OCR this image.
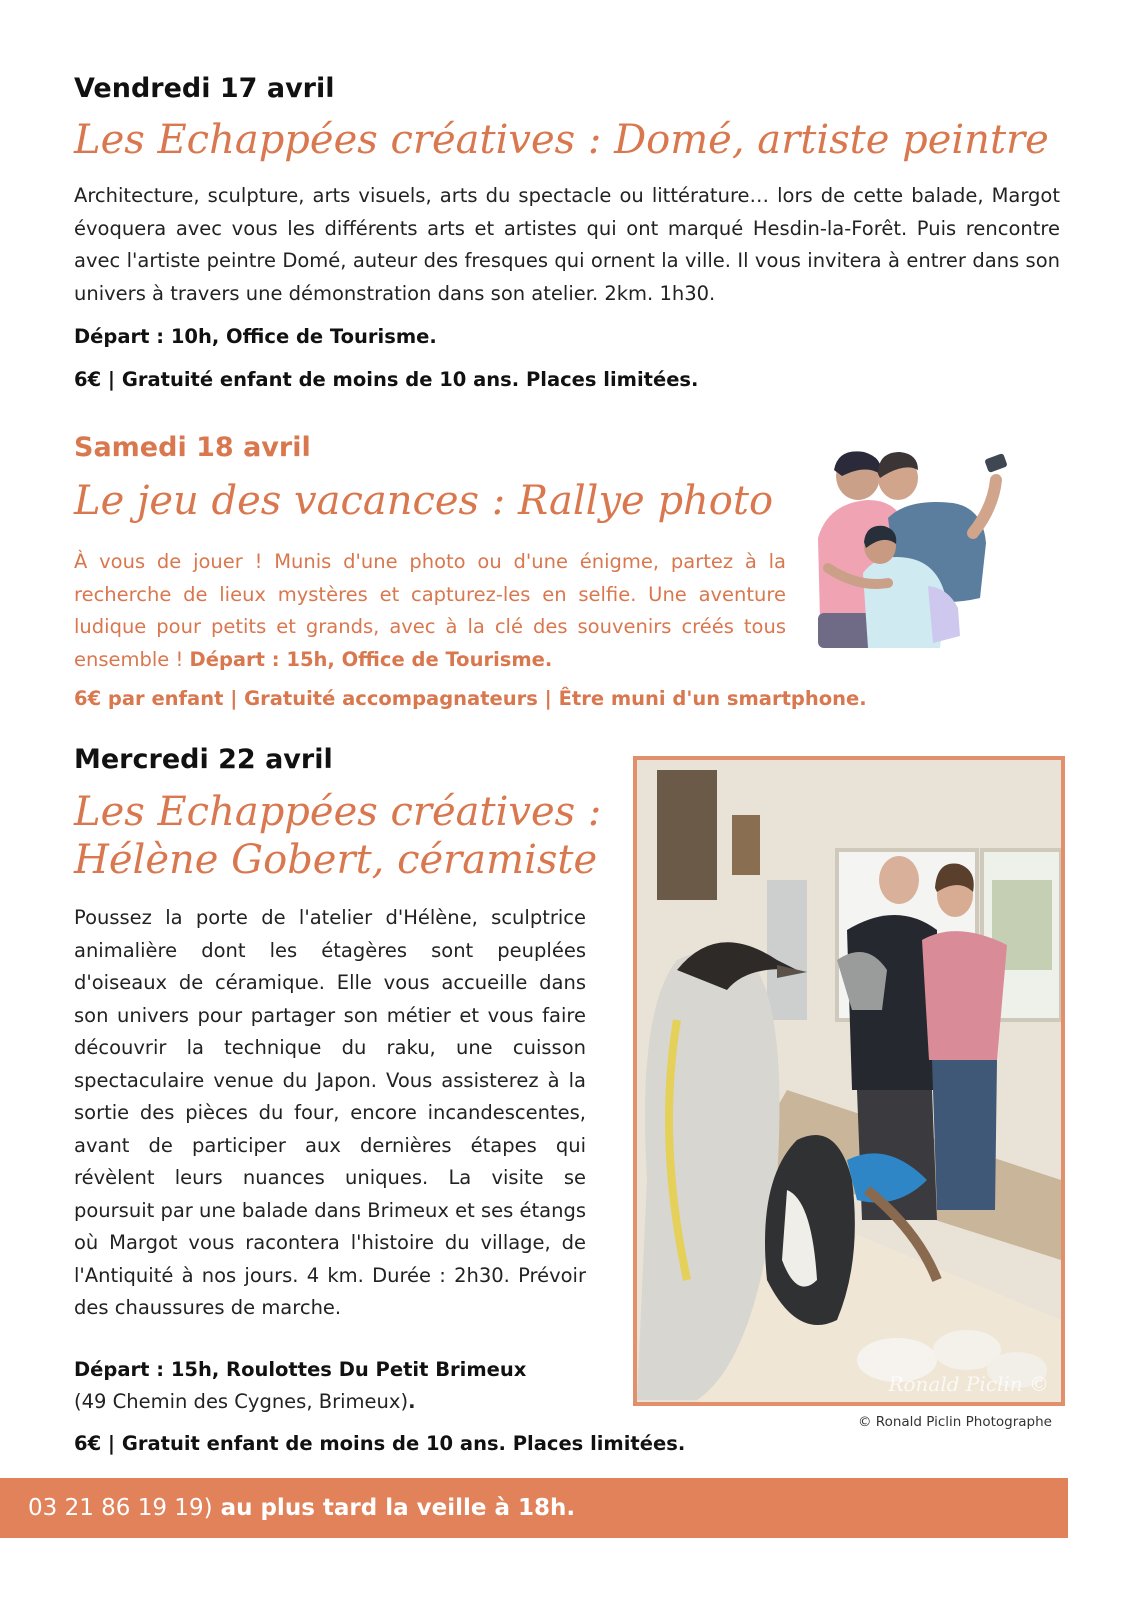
Vendredi 17 avril
Les Echappées créatives : Domé, artiste peintre
Architecture, sculpture, arts visuels, arts du spectacle ou littérature… lors de cette balade, Margot évoquera avec vous les différents arts et artistes qui ont marqué Hesdin-la-Forêt. Puis rencontre avec l'artiste peintre Domé, auteur des fresques qui ornent la ville. Il vous invitera à entrer dans son univers à travers une démonstration dans son atelier. 2km. 1h30.
Départ : 10h, Office de Tourisme.
6€ | Gratuité enfant de moins de 10 ans. Places limitées.
Samedi 18 avril
Le jeu des vacances : Rallye photo
À vous de jouer ! Munis d'une photo ou d'une énigme, partez à la recherche de lieux mystères et capturez-les en selfie. Une aventure ludique pour petits et grands, avec à la clé des souvenirs créés tous ensemble ! Départ : 15h, Office de Tourisme.
6€ par enfant | Gratuité accompagnateurs | Être muni d'un smartphone.
Mercredi 22 avril
Les Echappées créatives :
Hélène Gobert, céramiste
Poussez la porte de l'atelier d'Hélène, sculptrice animalière dont les étagères sont peuplées d'oiseaux de céramique. Elle vous accueille dans son univers pour partager son métier et vous faire découvrir la technique du raku, une cuisson spectaculaire venue du Japon. Vous assisterez à la sortie des pièces du four, encore incandescentes, avant de participer aux dernières étapes qui révèlent leurs nuances uniques. La visite se poursuit par une balade dans Brimeux et ses étangs où Margot vous racontera l'histoire du village, de l'Antiquité à nos jours. 4 km. Durée : 2h30. Prévoir des chaussures de marche.
Départ : 15h, Roulottes Du Petit Brimeux
(49 Chemin des Cygnes, Brimeux).
6€ | Gratuit enfant de moins de 10 ans. Places limitées.
Ronald Piclin ©
© Ronald Piclin Photographe
03 21 86 19 19) au plus tard la veille à 18h.
